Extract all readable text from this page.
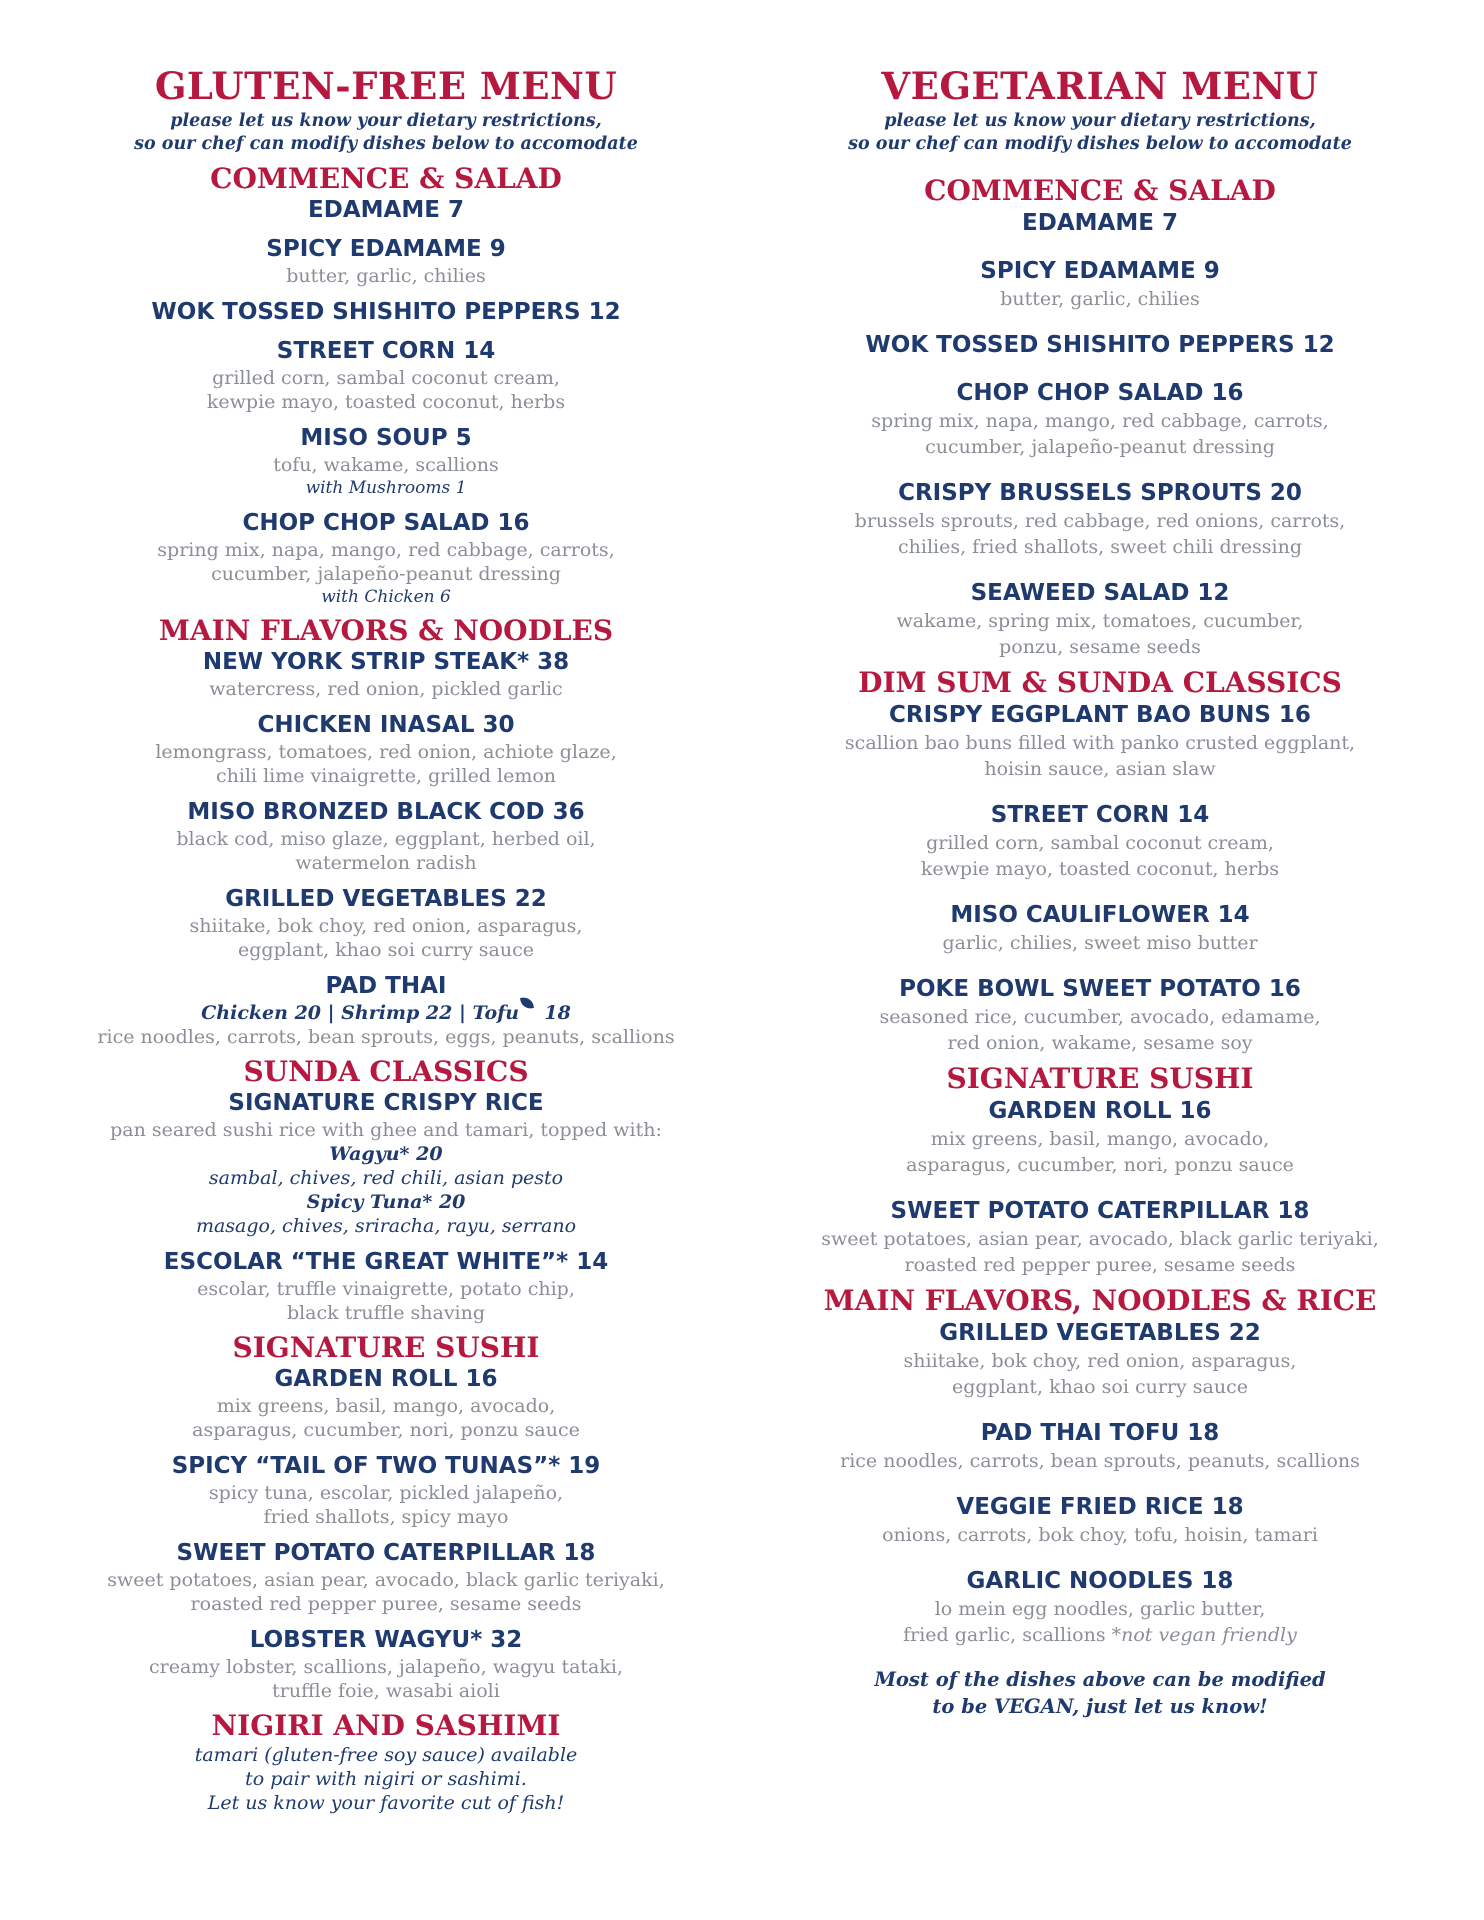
GLUTEN-FREE MENU

please let us know your dietary restrictions,

so our chef can modify dishes below to accomodate

COMMENCE & SALAD

EDAMAME 7

SPICY EDAMAME 9

butter, garlic, chilies

WOK TOSSED SHISHITO PEPPERS 12

STREET CORN 14

grilled corn, sambal coconut cream,

kewpie mayo, toasted coconut, herbs

MISO SOUP 5

tofu, wakame, scallions

with Mushrooms 1

CHOP CHOP SALAD 16

spring mix, napa, mango, red cabbage, carrots,

cucumber, jalapeño-peanut dressing

with Chicken 6

MAIN FLAVORS & NOODLES

NEW YORK STRIP STEAK* 38

watercress, red onion, pickled garlic

CHICKEN INASAL 30

lemongrass, tomatoes, red onion, achiote glaze,

chili lime vinaigrette, grilled lemon

MISO BRONZED BLACK COD 36

black cod, miso glaze, eggplant, herbed oil,

watermelon radish

GRILLED VEGETABLES 22

shiitake, bok choy, red onion, asparagus,

eggplant, khao soi curry sauce

PAD THAI

Chicken 20 | Shrimp 22 | Tofu 18

rice noodles, carrots, bean sprouts, eggs, peanuts, scallions

SUNDA CLASSICS

SIGNATURE CRISPY RICE

pan seared sushi rice with ghee and tamari, topped with:

Wagyu* 20

sambal, chives, red chili, asian pesto

Spicy Tuna* 20

masago, chives, sriracha, rayu, serrano

ESCOLAR “THE GREAT WHITE”* 14

escolar, truffle vinaigrette, potato chip,

black truffle shaving

SIGNATURE SUSHI

GARDEN ROLL 16

mix greens, basil, mango, avocado,

asparagus, cucumber, nori, ponzu sauce

SPICY “TAIL OF TWO TUNAS”* 19

spicy tuna, escolar, pickled jalapeño,

fried shallots, spicy mayo

SWEET POTATO CATERPILLAR 18

sweet potatoes, asian pear, avocado, black garlic teriyaki,

roasted red pepper puree, sesame seeds

LOBSTER WAGYU* 32

creamy lobster, scallions, jalapeño, wagyu tataki,

truffle foie, wasabi aioli

NIGIRI AND SASHIMI

tamari (gluten-free soy sauce) available

to pair with nigiri or sashimi.

Let us know your favorite cut of fish!

VEGETARIAN MENU

please let us know your dietary restrictions,

so our chef can modify dishes below to accomodate

COMMENCE & SALAD

EDAMAME 7

SPICY EDAMAME 9

butter, garlic, chilies

WOK TOSSED SHISHITO PEPPERS 12

CHOP CHOP SALAD 16

spring mix, napa, mango, red cabbage, carrots,

cucumber, jalapeño-peanut dressing

CRISPY BRUSSELS SPROUTS 20

brussels sprouts, red cabbage, red onions, carrots,

chilies, fried shallots, sweet chili dressing

SEAWEED SALAD 12

wakame, spring mix, tomatoes, cucumber,

ponzu, sesame seeds

DIM SUM & SUNDA CLASSICS

CRISPY EGGPLANT BAO BUNS 16

scallion bao buns filled with panko crusted eggplant,

hoisin sauce, asian slaw

STREET CORN 14

grilled corn, sambal coconut cream,

kewpie mayo, toasted coconut, herbs

MISO CAULIFLOWER 14

garlic, chilies, sweet miso butter

POKE BOWL SWEET POTATO 16

seasoned rice, cucumber, avocado, edamame,

red onion, wakame, sesame soy

SIGNATURE SUSHI

GARDEN ROLL 16

mix greens, basil, mango, avocado,

asparagus, cucumber, nori, ponzu sauce

SWEET POTATO CATERPILLAR 18

sweet potatoes, asian pear, avocado, black garlic teriyaki,

roasted red pepper puree, sesame seeds

MAIN FLAVORS, NOODLES & RICE

GRILLED VEGETABLES 22

shiitake, bok choy, red onion, asparagus,

eggplant, khao soi curry sauce

PAD THAI TOFU 18

rice noodles, carrots, bean sprouts, peanuts, scallions

VEGGIE FRIED RICE 18

onions, carrots, bok choy, tofu, hoisin, tamari

GARLIC NOODLES 18

lo mein egg noodles, garlic butter,

fried garlic, scallions *not vegan friendly

Most of the dishes above can be modified

to be VEGAN, just let us know!
